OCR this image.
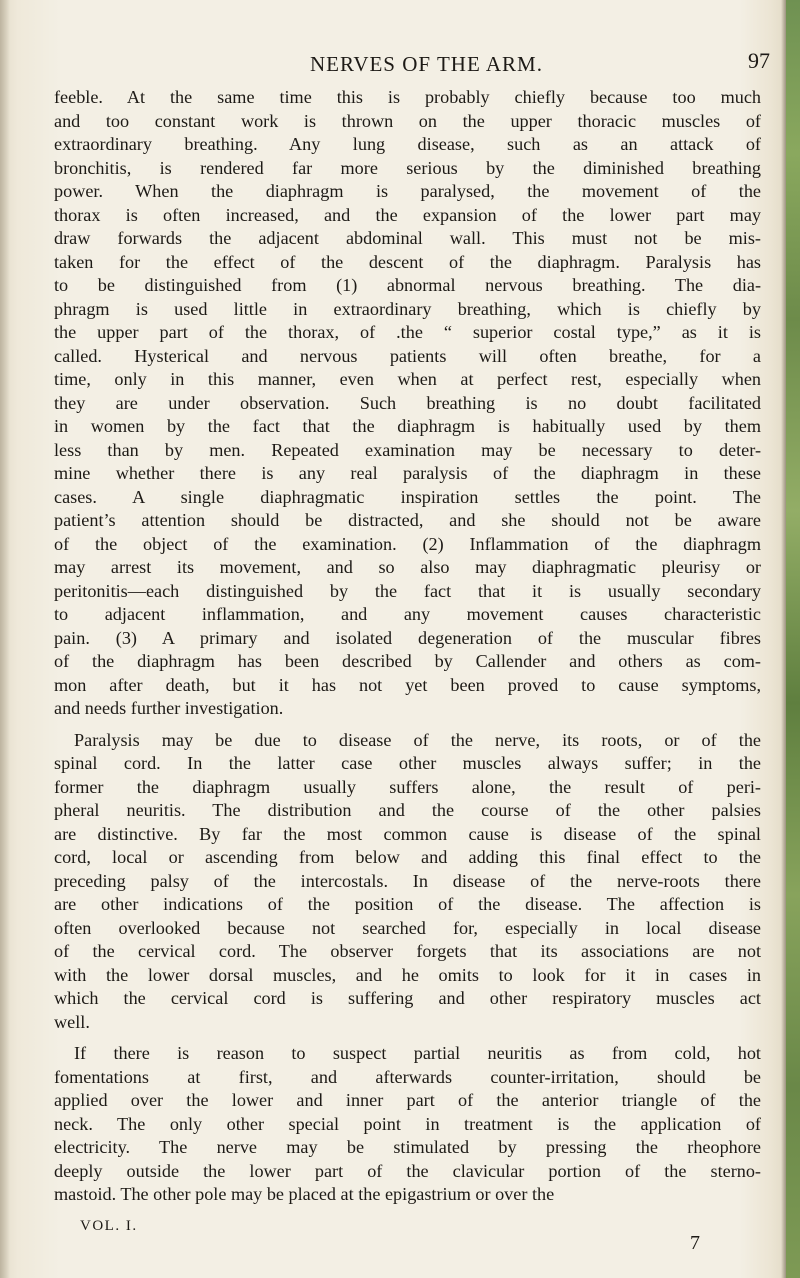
NERVES OF THE ARM.	97
feeble. At the same time this is probably chiefly because too much
and too constant work is thrown on the upper thoracic muscles of
extraordinary breathing. Any lung disease, such as an attack of
bronchitis, is rendered far more serious by the diminished breathing
power. When the diaphragm is paralysed, the movement of the
thorax is often increased, and the expansion of the lower part may
draw forwards the adjacent abdominal wall. This must not be mis-
taken for the effect of the descent of the diaphragm. Paralysis has
to be distinguished from (1) abnormal nervous breathing. The dia-
phragm is used little in extraordinary breathing, which is chiefly by
the upper part of the thorax, of .the “ superior costal type,” as it is
called. Hysterical and nervous patients will often breathe, for a
time, only in this manner, even when at perfect rest, especially when
they are under observation. Such breathing is no doubt facilitated
in women by the fact that the diaphragm is habitually used by them
less than by men. Repeated examination may be necessary to deter-
mine whether there is any real paralysis of the diaphragm in these
cases. A single diaphragmatic inspiration settles the point. The
patient’s attention should be distracted, and she should not be aware
of the object of the examination. (2) Inflammation of the diaphragm
may arrest its movement, and so also may diaphragmatic pleurisy or
peritonitis—each distinguished by the fact that it is usually secondary
to adjacent inflammation, and any movement causes characteristic
pain. (3) A primary and isolated degeneration of the muscular fibres
of the diaphragm has been described by Callender and others as com-
mon after death, but it has not yet been proved to cause symptoms,
and needs further investigation.
Paralysis may be due to disease of the nerve, its roots, or of the
spinal cord. In the latter case other muscles always suffer; in the
former the diaphragm usually suffers alone, the result of peri-
pheral neuritis. The distribution and the course of the other palsies
are distinctive. By far the most common cause is disease of the spinal
cord, local or ascending from below and adding this final effect to the
preceding palsy of the intercostals. In disease of the nerve-roots there
are other indications of the position of the disease. The affection is
often overlooked because not searched for, especially in local disease
of the cervical cord. The observer forgets that its associations are not
with the lower dorsal muscles, and he omits to look for it in cases in
which the cervical cord is suffering and other respiratory muscles act
well.
If there is reason to suspect partial neuritis as from cold, hot
fomentations at first, and afterwards counter-irritation, should be
applied over the lower and inner part of the anterior triangle of the
neck. The only other special point in treatment is the application of
electricity. The nerve may be stimulated by pressing the rheophore
deeply outside the lower part of the clavicular portion of the sterno-
mastoid. The other pole may be placed at the epigastrium or over the
VOL. I.
7
